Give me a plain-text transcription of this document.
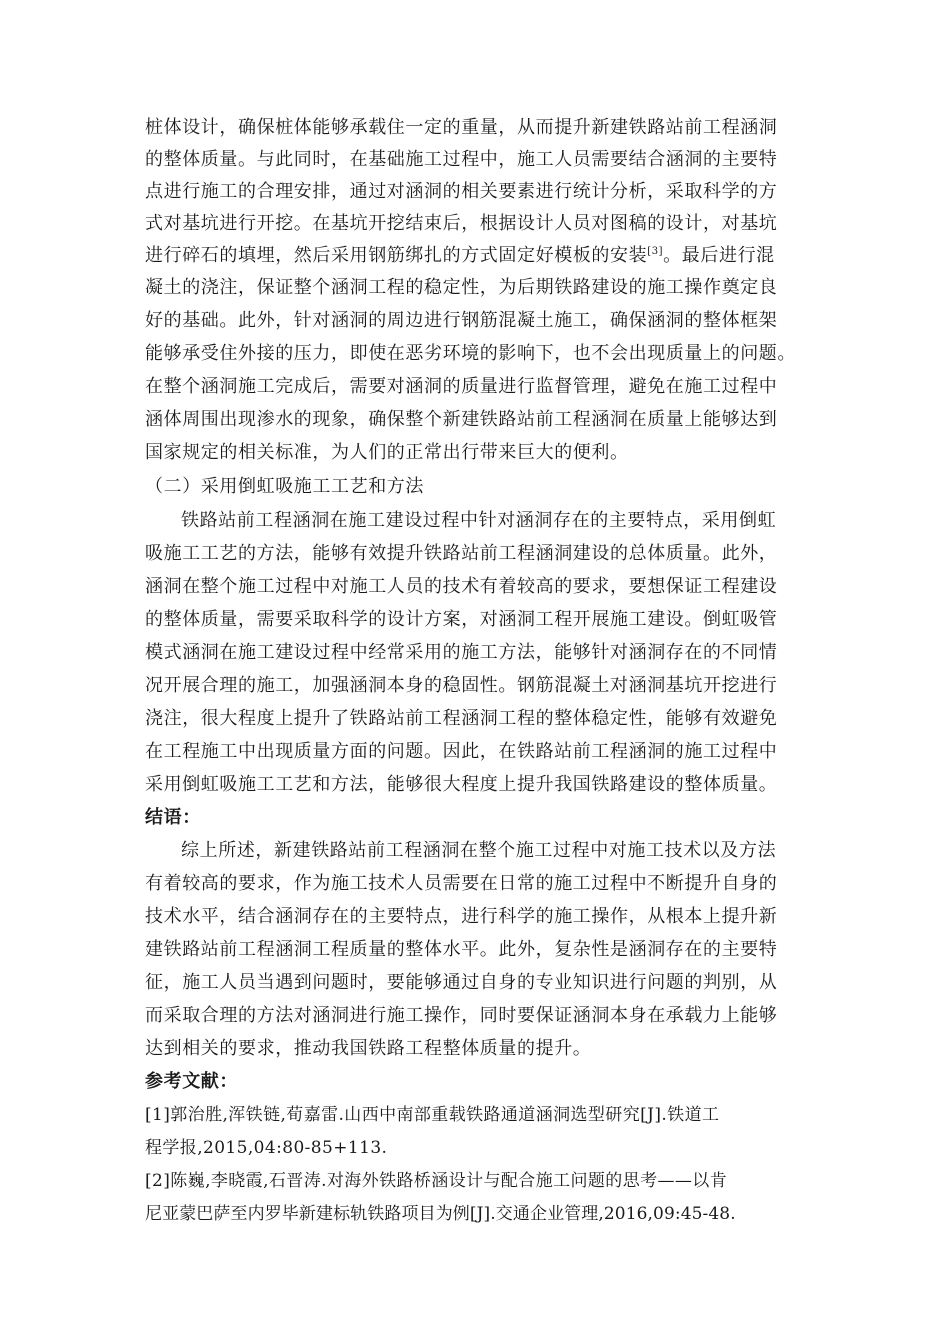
桩体设计，确保桩体能够承载住一定的重量，从而提升新建铁路站前工程涵洞
的整体质量。与此同时，在基础施工过程中，施工人员需要结合涵洞的主要特
点进行施工的合理安排，通过对涵洞的相关要素进行统计分析，采取科学的方
式对基坑进行开挖。在基坑开挖结束后，根据设计人员对图稿的设计，对基坑
进行碎石的填埋，然后采用钢筋绑扎的方式固定好模板的安装[3]。最后进行混
凝土的浇注，保证整个涵洞工程的稳定性，为后期铁路建设的施工操作奠定良
好的基础。此外，针对涵洞的周边进行钢筋混凝土施工，确保涵洞的整体框架
能够承受住外接的压力，即使在恶劣环境的影响下，也不会出现质量上的问题。
在整个涵洞施工完成后，需要对涵洞的质量进行监督管理，避免在施工过程中
涵体周围出现渗水的现象，确保整个新建铁路站前工程涵洞在质量上能够达到
国家规定的相关标准，为人们的正常出行带来巨大的便利。
（二）采用倒虹吸施工工艺和方法
铁路站前工程涵洞在施工建设过程中针对涵洞存在的主要特点，采用倒虹
吸施工工艺的方法，能够有效提升铁路站前工程涵洞建设的总体质量。此外，
涵洞在整个施工过程中对施工人员的技术有着较高的要求，要想保证工程建设
的整体质量，需要采取科学的设计方案，对涵洞工程开展施工建设。倒虹吸管
模式涵洞在施工建设过程中经常采用的施工方法，能够针对涵洞存在的不同情
况开展合理的施工，加强涵洞本身的稳固性。钢筋混凝土对涵洞基坑开挖进行
浇注，很大程度上提升了铁路站前工程涵洞工程的整体稳定性，能够有效避免
在工程施工中出现质量方面的问题。因此，在铁路站前工程涵洞的施工过程中
采用倒虹吸施工工艺和方法，能够很大程度上提升我国铁路建设的整体质量。
结语：
综上所述，新建铁路站前工程涵洞在整个施工过程中对施工技术以及方法
有着较高的要求，作为施工技术人员需要在日常的施工过程中不断提升自身的
技术水平，结合涵洞存在的主要特点，进行科学的施工操作，从根本上提升新
建铁路站前工程涵洞工程质量的整体水平。此外，复杂性是涵洞存在的主要特
征，施工人员当遇到问题时，要能够通过自身的专业知识进行问题的判别，从
而采取合理的方法对涵洞进行施工操作，同时要保证涵洞本身在承载力上能够
达到相关的要求，推动我国铁路工程整体质量的提升。
参考文献：
[1]郭治胜,浑铁链,荀嘉雷.山西中南部重载铁路通道涵洞选型研究[J].铁道工
程学报,2015,04:80-85+113.
[2]陈巍,李晓霞,石晋涛.对海外铁路桥涵设计与配合施工问题的思考——以肯
尼亚蒙巴萨至内罗毕新建标轨铁路项目为例[J].交通企业管理,2016,09:45-48.
